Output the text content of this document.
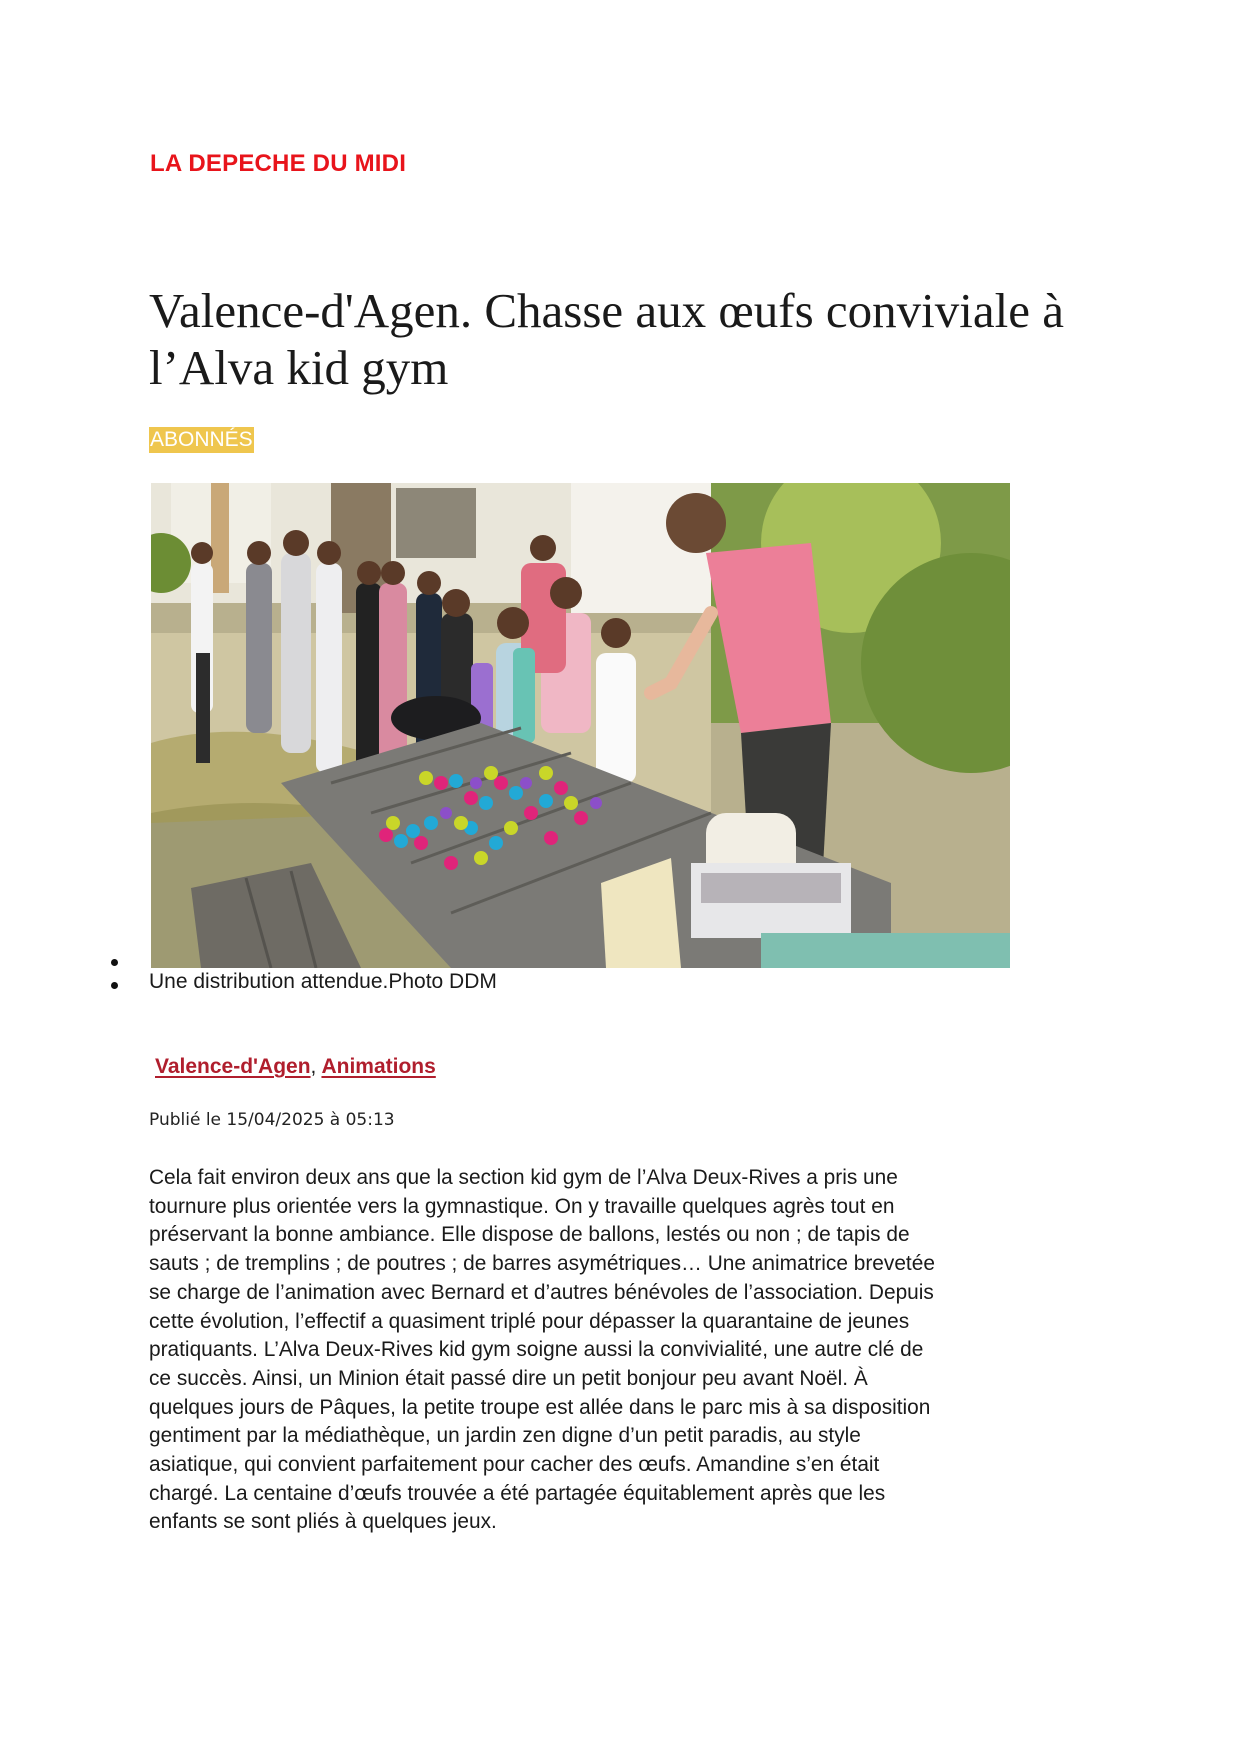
LA DEPECHE DU MIDI
Valence-d'Agen. Chasse aux œufs conviviale à
l’Alva kid gym
ABONNÉS
Une distribution attendue.Photo DDM
Valence-d'Agen, Animations
Publié le 15/04/2025 à 05:13
Cela fait environ deux ans que la section kid gym de l’Alva Deux-Rives a pris une
tournure plus orientée vers la gymnastique. On y travaille quelques agrès tout en
préservant la bonne ambiance. Elle dispose de ballons, lestés ou non ; de tapis de
sauts ; de tremplins ; de poutres ; de barres asymétriques… Une animatrice brevetée
se charge de l’animation avec Bernard et d’autres bénévoles de l’association. Depuis
cette évolution, l’effectif a quasiment triplé pour dépasser la quarantaine de jeunes
pratiquants. L’Alva Deux-Rives kid gym soigne aussi la convivialité, une autre clé de
ce succès. Ainsi, un Minion était passé dire un petit bonjour peu avant Noël. À
quelques jours de Pâques, la petite troupe est allée dans le parc mis à sa disposition
gentiment par la médiathèque, un jardin zen digne d’un petit paradis, au style
asiatique, qui convient parfaitement pour cacher des œufs. Amandine s’en était
chargé. La centaine d’œufs trouvée a été partagée équitablement après que les
enfants se sont pliés à quelques jeux.
